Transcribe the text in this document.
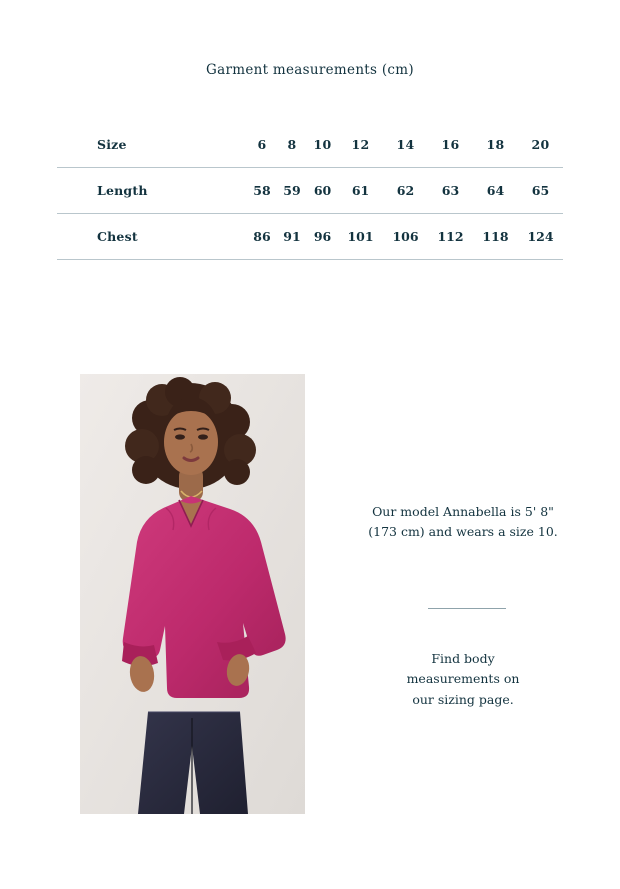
Garment measurements (cm)
Size	6	8	10	12	14	16	18	20
Length	58	59	60	61	62	63	64	65
Chest	86	91	96	101	106	112	118	124
Our model Annabella is 5' 8" (173 cm) and wears a size 10.
Find body
measurements on
our sizing page.
